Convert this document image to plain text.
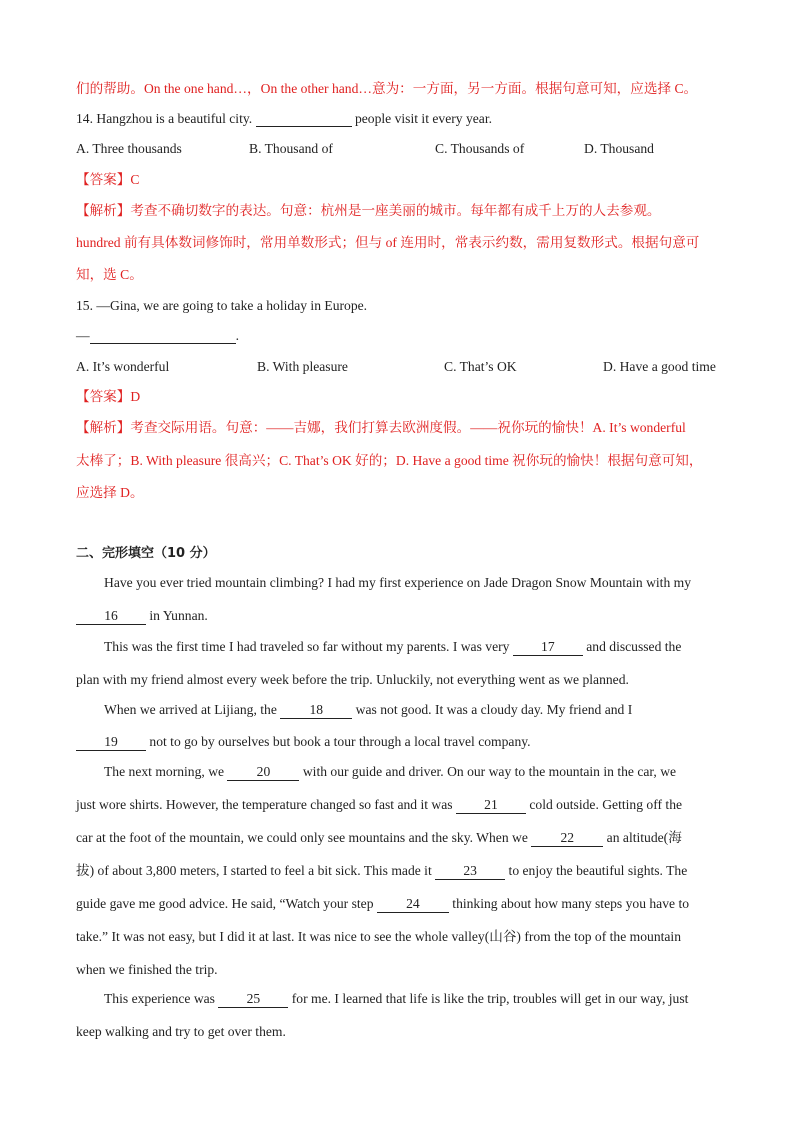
们的帮助。On the one hand…，On the other hand…意为：一方面，另一方面。根据句意可知，应选择 C。

14. Hangzhou is a beautiful city.	people visit it every year.

A. Three thousands	B. Thousand of	C. Thousands of	D. Thousand

【答案】C

【解析】考查不确切数字的表达。句意：杭州是一座美丽的城市。每年都有成千上万的人去参观。

hundred 前有具体数词修饰时，常用单数形式；但与 of 连用时，常表示约数，需用复数形式。根据句意可

知，选 C。

15. —Gina, we are going to take a holiday in Europe.

—	.

A. It’s wonderful	B. With pleasure	C. That’s OK	D. Have a good time

【答案】D

【解析】考查交际用语。句意：——吉娜，我们打算去欧洲度假。——祝你玩的愉快！A. It’s wonderful

太棒了；B. With pleasure 很高兴；C. That’s OK 好的；D. Have a good time 祝你玩的愉快！根据句意可知，

应选择 D。

二、完形填空（10 分）

Have you ever tried mountain climbing? I had my first experience on Jade Dragon Snow Mountain with my

16 in Yunnan.

This was the first time I had traveled so far without my parents. I was very 17 and discussed the

plan with my friend almost every week before the trip. Unluckily, not everything went as we planned.

When we arrived at Lijiang, the 18 was not good. It was a cloudy day. My friend and I

19 not to go by ourselves but book a tour through a local travel company.

The next morning, we 20 with our guide and driver. On our way to the mountain in the car, we

just wore shirts. However, the temperature changed so fast and it was 21 cold outside. Getting off the

car at the foot of the mountain, we could only see mountains and the sky. When we 22 an altitude(海

拔) of about 3,800 meters, I started to feel a bit sick. This made it 23 to enjoy the beautiful sights. The

guide gave me good advice. He said, “Watch your step 24 thinking about how many steps you have to

take.” It was not easy, but I did it at last. It was nice to see the whole valley(山谷) from the top of the mountain

when we finished the trip.

This experience was 25 for me. I learned that life is like the trip, troubles will get in our way, just

keep walking and try to get over them.
